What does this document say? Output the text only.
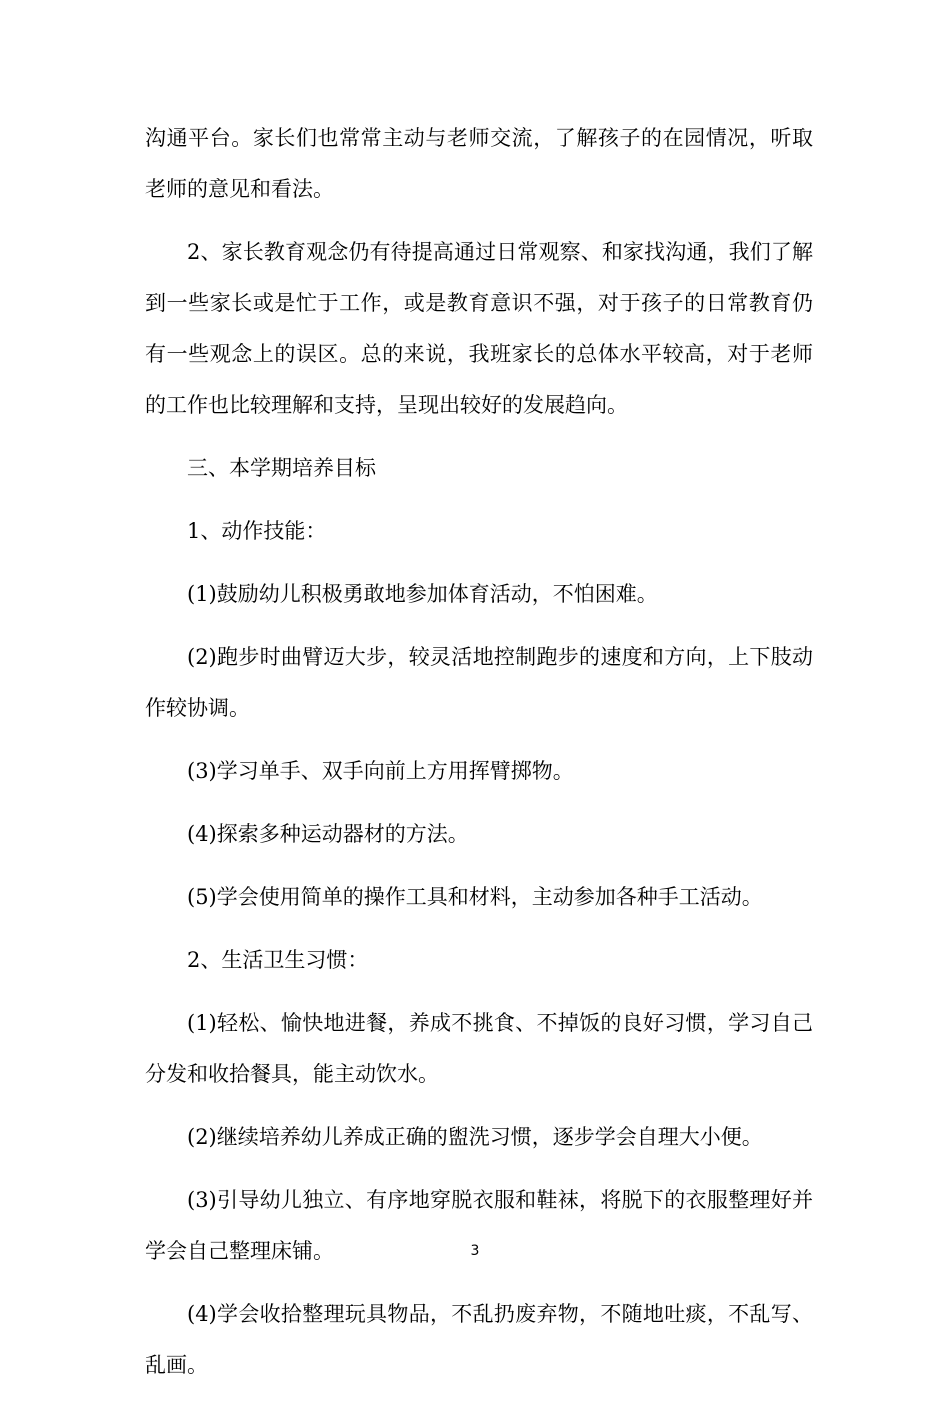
沟通平台。家长们也常常主动与老师交流，了解孩子的在园情况，听取老师的意见和看法。

2、家长教育观念仍有待提高通过日常观察、和家找沟通，我们了解到一些家长或是忙于工作，或是教育意识不强，对于孩子的日常教育仍有一些观念上的误区。总的来说，我班家长的总体水平较高，对于老师的工作也比较理解和支持，呈现出较好的发展趋向。

三、本学期培养目标

1、动作技能：

(1)鼓励幼儿积极勇敢地参加体育活动，不怕困难。

(2)跑步时曲臂迈大步，较灵活地控制跑步的速度和方向，上下肢动作较协调。

(3)学习单手、双手向前上方用挥臂掷物。

(4)探索多种运动器材的方法。

(5)学会使用简单的操作工具和材料，主动参加各种手工活动。

2、生活卫生习惯：

(1)轻松、愉快地进餐，养成不挑食、不掉饭的良好习惯，学习自己分发和收拾餐具，能主动饮水。

(2)继续培养幼儿养成正确的盥洗习惯，逐步学会自理大小便。

(3)引导幼儿独立、有序地穿脱衣服和鞋袜，将脱下的衣服整理好并学会自己整理床铺。

(4)学会收拾整理玩具物品，不乱扔废弃物，不随地吐痰，不乱写、乱画。

3
